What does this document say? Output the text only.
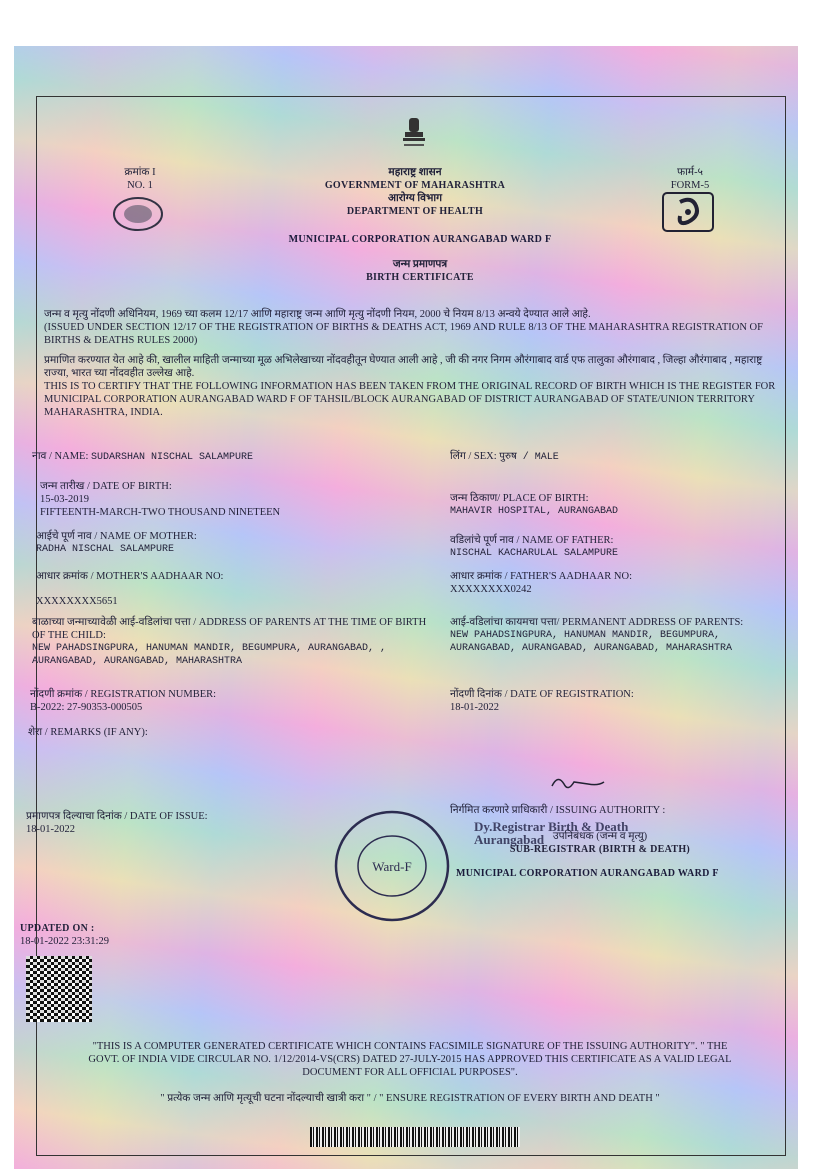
क्रमांक I
NO. 1
महाराष्ट्र शासन
GOVERNMENT OF MAHARASHTRA
आरोग्य विभाग
DEPARTMENT OF HEALTH
फार्म-५
FORM-5
MUNICIPAL CORPORATION AURANGABAD WARD F
जन्म प्रमाणपत्र
BIRTH CERTIFICATE
जन्म व मृत्यु नोंदणी अधिनियम, 1969 च्या कलम 12/17 आणि महाराष्ट्र जन्म आणि मृत्यु नोंदणी नियम, 2000 चे नियम 8/13 अन्वये देण्यात आले आहे.
(ISSUED UNDER SECTION 12/17 OF THE REGISTRATION OF BIRTHS & DEATHS ACT, 1969 AND RULE 8/13 OF THE MAHARASHTRA REGISTRATION OF BIRTHS & DEATHS RULES 2000)
प्रमाणित करण्यात येत आहे की, खालील माहिती जन्माच्या मूळ अभिलेखाच्या नोंदवहीतून घेण्यात आली आहे , जी की नगर निगम औरंगाबाद वार्ड एफ तालुका औरंगाबाद , जिल्हा औरंगाबाद , महाराष्ट्र राज्या, भारत च्या नोंदवहीत उल्लेख आहे.
THIS IS TO CERTIFY THAT THE FOLLOWING INFORMATION HAS BEEN TAKEN FROM THE ORIGINAL RECORD OF BIRTH WHICH IS THE REGISTER FOR MUNICIPAL CORPORATION AURANGABAD WARD F OF TAHSIL/BLOCK AURANGABAD OF DISTRICT AURANGABAD OF STATE/UNION TERRITORY MAHARASHTRA, INDIA.
नाव / NAME: SUDARSHAN NISCHAL SALAMPURE	लिंग / SEX: पुरुष / MALE
जन्म तारीख / DATE OF BIRTH:
15-03-2019
FIFTEENTH-MARCH-TWO THOUSAND NINETEEN
जन्म ठिकाण/ PLACE OF BIRTH:
MAHAVIR HOSPITAL, AURANGABAD
आईचे पूर्ण नाव / NAME OF MOTHER:
RADHA NISCHAL SALAMPURE
वडिलांचे पूर्ण नाव / NAME OF FATHER:
NISCHAL KACHARULAL SALAMPURE
आधार क्रमांक / MOTHER'S AADHAAR NO:
XXXXXXXX5651
आधार क्रमांक / FATHER'S AADHAAR NO:
XXXXXXXX0242
बाळाच्या जन्माच्यावेळी आई-वडिलांचा पत्ता / ADDRESS OF PARENTS AT THE TIME OF BIRTH OF THE CHILD:
NEW PAHADSINGPURA, HANUMAN MANDIR, BEGUMPURA, AURANGABAD, , AURANGABAD, AURANGABAD, MAHARASHTRA
आई-वडिलांचा कायमचा पत्ता/ PERMANENT ADDRESS OF PARENTS:
NEW PAHADSINGPURA, HANUMAN MANDIR, BEGUMPURA, AURANGABAD, AURANGABAD, AURANGABAD, MAHARASHTRA
नोंदणी क्रमांक / REGISTRATION NUMBER:
B-2022: 27-90353-000505
नोंदणी दिनांक / DATE OF REGISTRATION:
18-01-2022
शेरा / REMARKS (IF ANY):
प्रमाणपत्र दिल्याचा दिनांक / DATE OF ISSUE:
18-01-2022
निर्गमित करणारे प्राधिकारी / ISSUING AUTHORITY :
Dy.Registrar Birth & Death Aurangabad उपनिबंधक (जन्म व मृत्यु)
SUB-REGISTRAR (BIRTH & DEATH)
MUNICIPAL CORPORATION AURANGABAD WARD F
Ward-F
UPDATED ON :
18-01-2022 23:31:29
"THIS IS A COMPUTER GENERATED CERTIFICATE WHICH CONTAINS FACSIMILE SIGNATURE OF THE ISSUING AUTHORITY". " THE GOVT. OF INDIA VIDE CIRCULAR NO. 1/12/2014-VS(CRS) DATED 27-JULY-2015 HAS APPROVED THIS CERTIFICATE AS A VALID LEGAL DOCUMENT FOR ALL OFFICIAL PURPOSES".
" प्रत्येक जन्म आणि मृत्यूची घटना नोंदल्याची खात्री करा " / " ENSURE REGISTRATION OF EVERY BIRTH AND DEATH "
